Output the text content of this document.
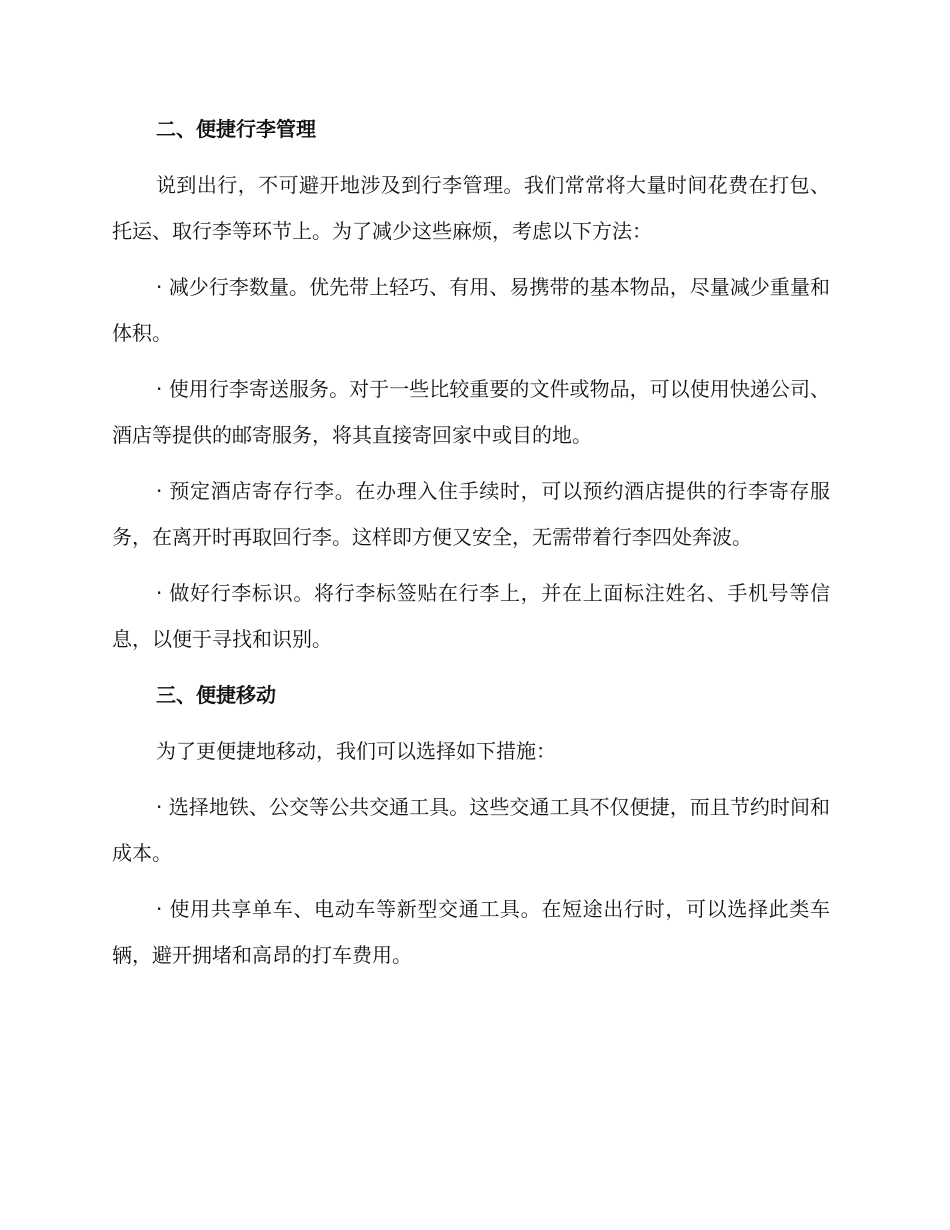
二、便捷行李管理

说到出行，不可避开地涉及到行李管理。我们常常将大量时间花费在打包、托运、取行李等环节上。为了减少这些麻烦，考虑以下方法：

· 减少行李数量。优先带上轻巧、有用、易携带的基本物品，尽量减少重量和体积。

· 使用行李寄送服务。对于一些比较重要的文件或物品，可以使用快递公司、酒店等提供的邮寄服务，将其直接寄回家中或目的地。

· 预定酒店寄存行李。在办理入住手续时，可以预约酒店提供的行李寄存服务，在离开时再取回行李。这样即方便又安全，无需带着行李四处奔波。

· 做好行李标识。将行李标签贴在行李上，并在上面标注姓名、手机号等信息，以便于寻找和识别。

三、便捷移动

为了更便捷地移动，我们可以选择如下措施：

· 选择地铁、公交等公共交通工具。这些交通工具不仅便捷，而且节约时间和成本。

· 使用共享单车、电动车等新型交通工具。在短途出行时，可以选择此类车辆，避开拥堵和高昂的打车费用。
